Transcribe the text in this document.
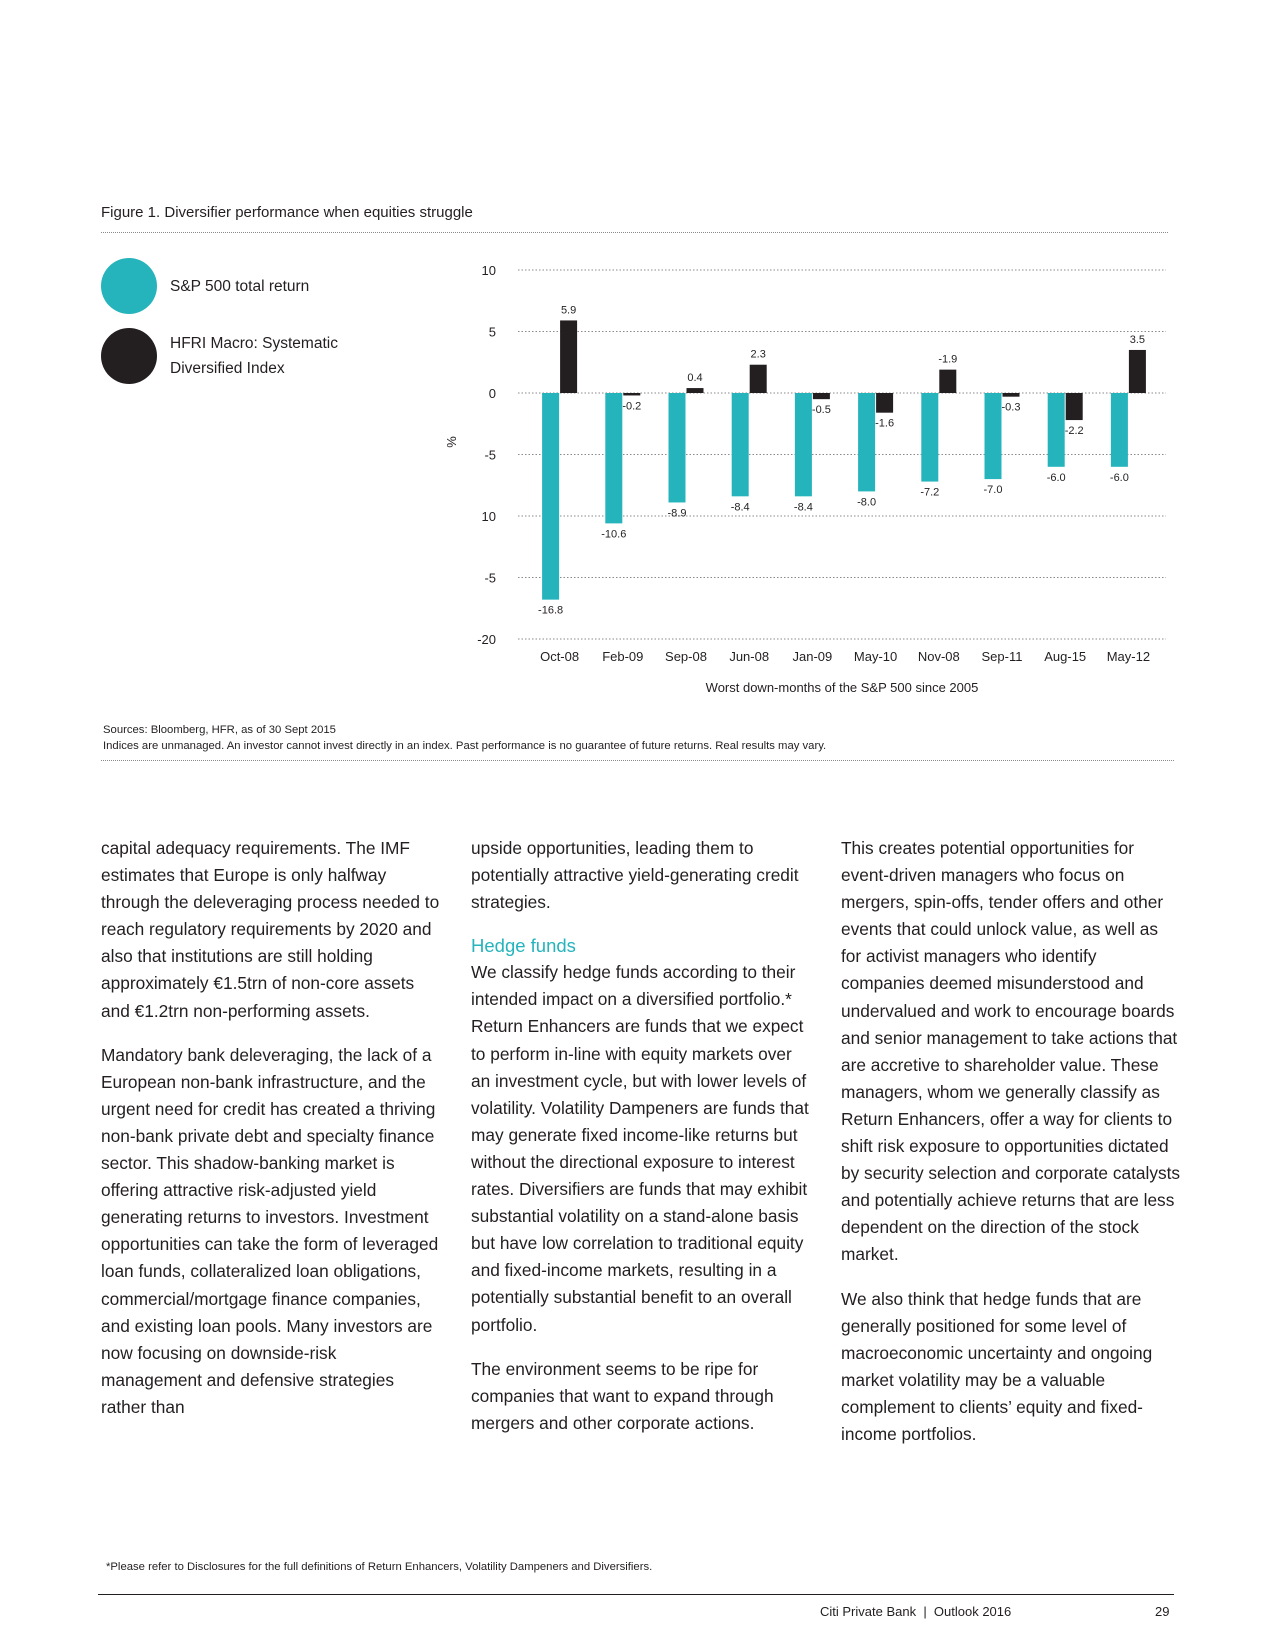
Figure 1. Diversifier performance when equities struggle
S&P 500 total return
HFRI Macro: Systematic Diversified Index
10
5
0
-5
10
-5
-20
%
-16.8
5.9
Oct-08
-10.6
-0.2
Feb-09
-8.9
0.4
Sep-08
-8.4
2.3
Jun-08
-8.4
-0.5
Jan-09
-8.0
-1.6
May-10
-7.2
-1.9
Nov-08
-7.0
-0.3
Sep-11
-6.0
-2.2
Aug-15
-6.0
3.5
May-12
Worst down-months of the S&P 500 since 2005
Sources: Bloomberg, HFR, as of 30 Sept 2015
Indices are unmanaged. An investor cannot invest directly in an index. Past performance is no guarantee of future returns. Real results may vary.

capital adequacy requirements. The IMF estimates that Europe is only halfway through the deleveraging process needed to reach regulatory requirements by 2020 and also that institutions are still holding approximately €1.5trn of non-core assets and €1.2trn non-performing assets.

Mandatory bank deleveraging, the lack of a European non-bank infrastructure, and the urgent need for credit has created a thriving non-bank private debt and specialty finance sector. This shadow-banking market is offering attractive risk-adjusted yield generating returns to investors. Investment opportunities can take the form of leveraged loan funds, collateralized loan obligations, commercial/mortgage finance companies, and existing loan pools. Many investors are now focusing on downside-risk management and defensive strategies rather than

upside opportunities, leading them to potentially attractive yield-generating credit strategies.

Hedge funds

We classify hedge funds according to their intended impact on a diversified portfolio.* Return Enhancers are funds that we expect to perform in-line with equity markets over an investment cycle, but with lower levels of volatility. Volatility Dampeners are funds that may generate fixed income-like returns but without the directional exposure to interest rates. Diversifiers are funds that may exhibit substantial volatility on a stand-alone basis but have low correlation to traditional equity and fixed-income markets, resulting in a potentially substantial benefit to an overall portfolio.

The environment seems to be ripe for companies that want to expand through mergers and other corporate actions.

This creates potential opportunities for event-driven managers who focus on mergers, spin-offs, tender offers and other events that could unlock value, as well as for activist managers who identify companies deemed misunderstood and undervalued and work to encourage boards and senior management to take actions that are accretive to shareholder value. These managers, whom we generally classify as Return Enhancers, offer a way for clients to shift risk exposure to opportunities dictated by security selection and corporate catalysts and potentially achieve returns that are less dependent on the direction of the stock market.

We also think that hedge funds that are generally positioned for some level of macroeconomic uncertainty and ongoing market volatility may be a valuable complement to clients’ equity and fixed-income portfolios.

*Please refer to Disclosures for the full definitions of Return Enhancers, Volatility Dampeners and Diversifiers.
Citi Private Bank  |  Outlook 2016	29
